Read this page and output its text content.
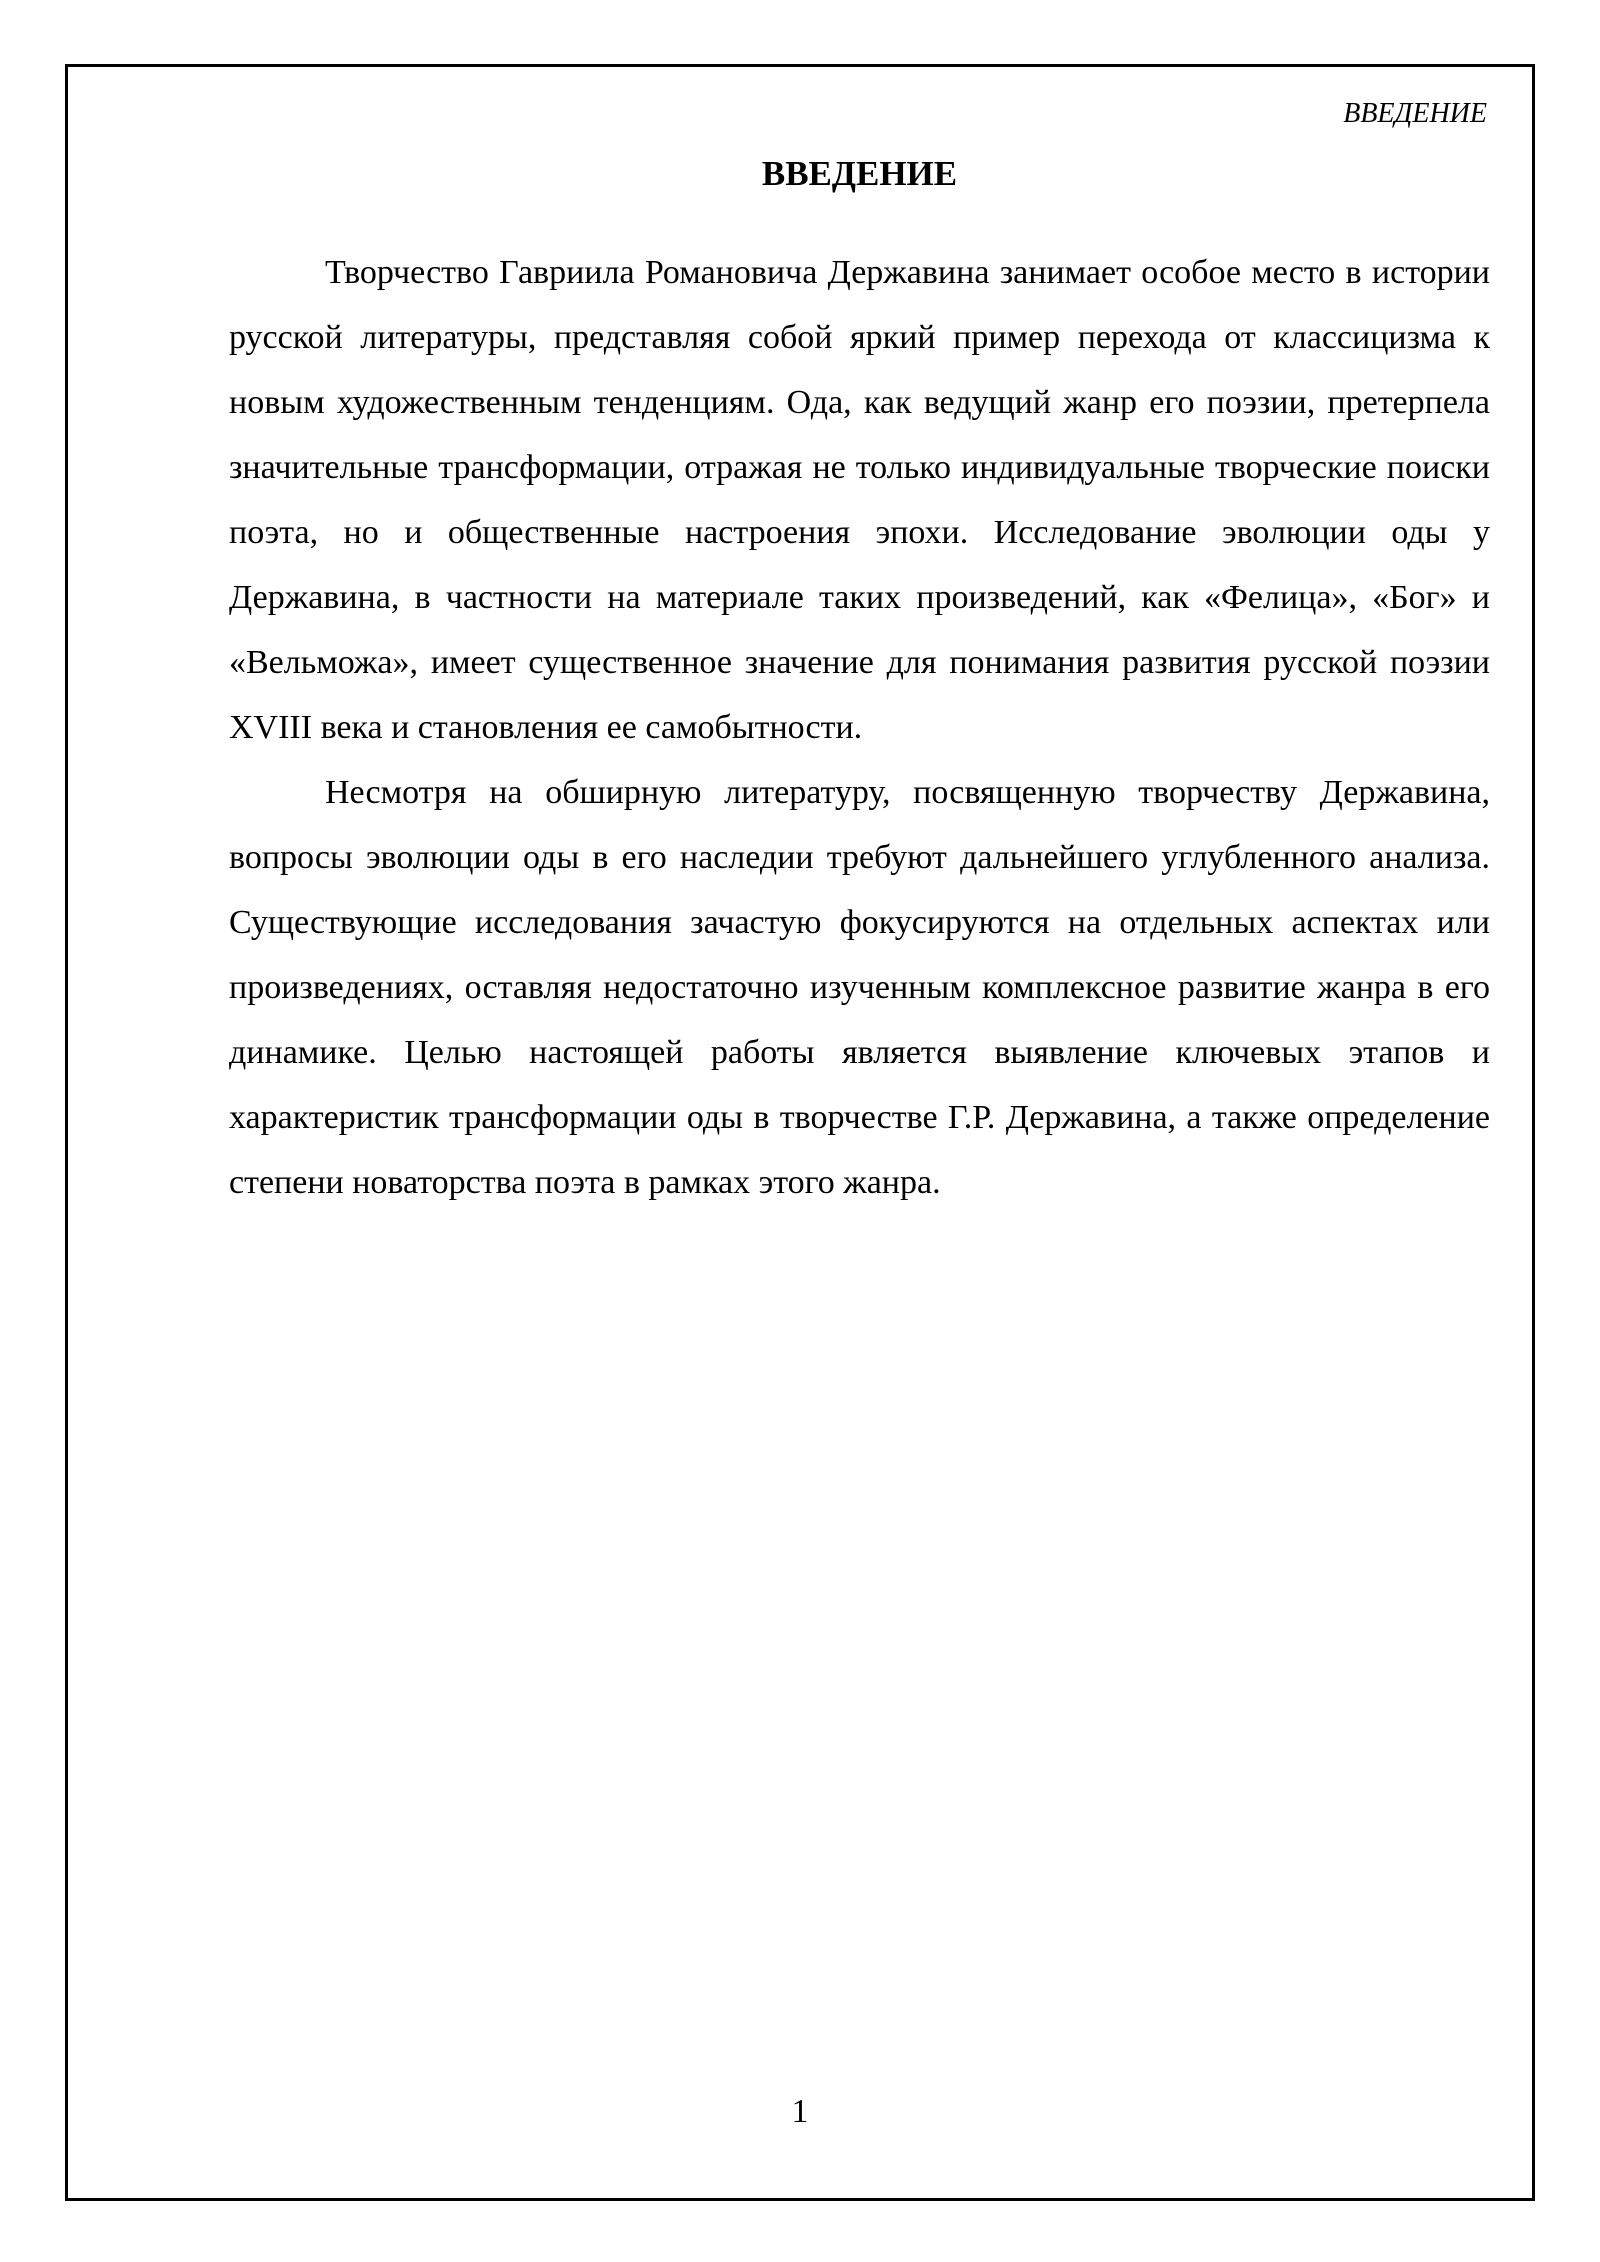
ВВЕДЕНИЕ
ВВЕДЕНИЕ

Творчество Гавриила Романовича Державина занимает особое место в истории русской литературы, представляя собой яркий пример перехода от классицизма к новым художественным тенденциям. Ода, как ведущий жанр его поэзии, претерпела значительные трансформации, отражая не только индивидуальные творческие поиски поэта, но и общественные настроения эпохи. Исследование эволюции оды у Державина, в частности на материале таких произведений, как «Фелица», «Бог» и «Вельможа», имеет существенное значение для понимания развития русской поэзии XVIII века и становления ее самобытности.

Несмотря на обширную литературу, посвященную творчеству Державина, вопросы эволюции оды в его наследии требуют дальнейшего углубленного анализа. Существующие исследования зачастую фокусируются на отдельных аспектах или произведениях, оставляя недостаточно изученным комплексное развитие жанра в его динамике. Целью настоящей работы является выявление ключевых этапов и характеристик трансформации оды в творчестве Г.Р. Державина, а также определение степени новаторства поэта в рамках этого жанра.

1
